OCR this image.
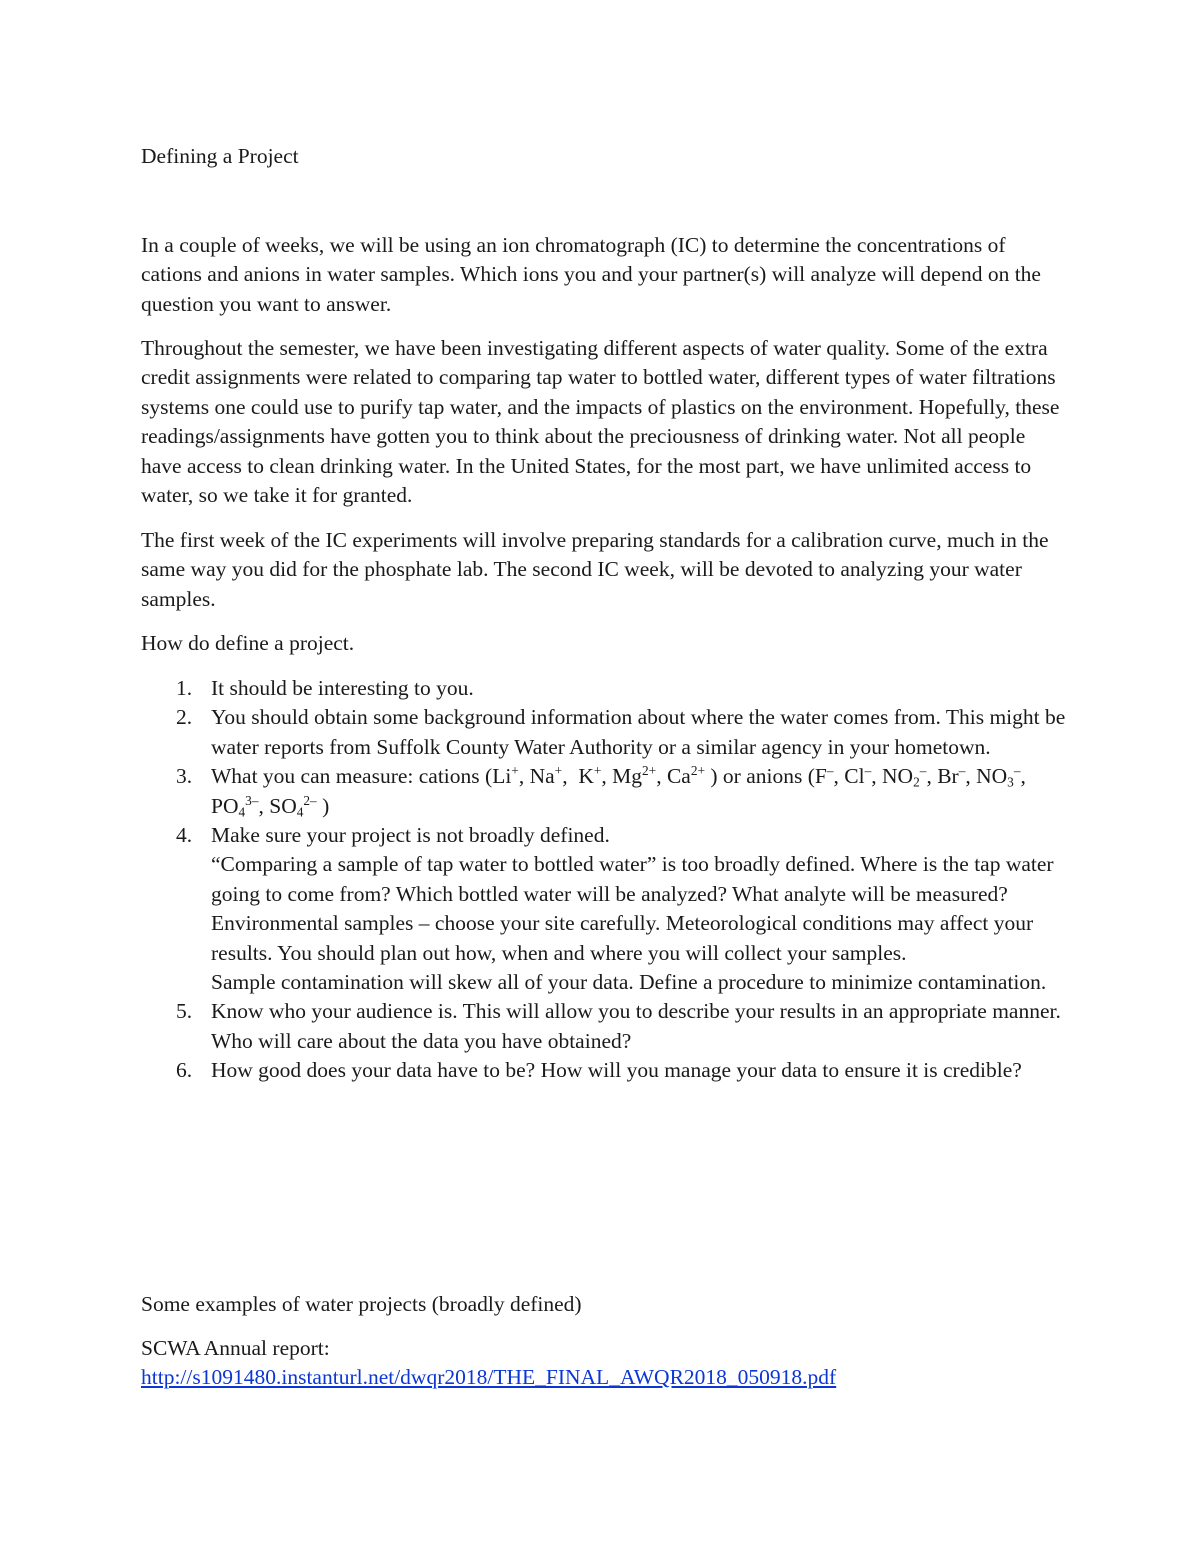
Defining a Project

In a couple of weeks, we will be using an ion chromatograph (IC) to determine the concentrations of cations and anions in water samples. Which ions you and your partner(s) will analyze will depend on the question you want to answer.

Throughout the semester, we have been investigating different aspects of water quality. Some of the extra credit assignments were related to comparing tap water to bottled water, different types of water filtrations systems one could use to purify tap water, and the impacts of plastics on the environment. Hopefully, these readings/assignments have gotten you to think about the preciousness of drinking water. Not all people have access to clean drinking water. In the United States, for the most part, we have unlimited access to water, so we take it for granted.

The first week of the IC experiments will involve preparing standards for a calibration curve, much in the same way you did for the phosphate lab. The second IC week, will be devoted to analyzing your water samples.

How do define a project.

1. It should be interesting to you.

2. You should obtain some background information about where the water comes from. This might be water reports from Suffolk County Water Authority or a similar agency in your hometown.

3. What you can measure: cations (Li+, Na+,  K+, $Mg^{2+}$, $Ca^{2+}$ ) or anions (F–, Cl–, $NO_2^-$, Br–, $NO_3^-$, $PO_4^{3-}$, $SO_4^{2-}$ )

4. Make sure your project is not broadly defined.

“Comparing a sample of tap water to bottled water” is too broadly defined. Where is the tap water going to come from? Which bottled water will be analyzed? What analyte will be measured?

Environmental samples – choose your site carefully. Meteorological conditions may affect your results. You should plan out how, when and where you will collect your samples.

Sample contamination will skew all of your data. Define a procedure to minimize contamination.

5. Know who your audience is. This will allow you to describe your results in an appropriate manner. Who will care about the data you have obtained?

6. How good does your data have to be? How will you manage your data to ensure it is credible?

Some examples of water projects (broadly defined)

SCWA Annual report:

http://s1091480.instanturl.net/dwqr2018/THE_FINAL_AWQR2018_050918.pdf
